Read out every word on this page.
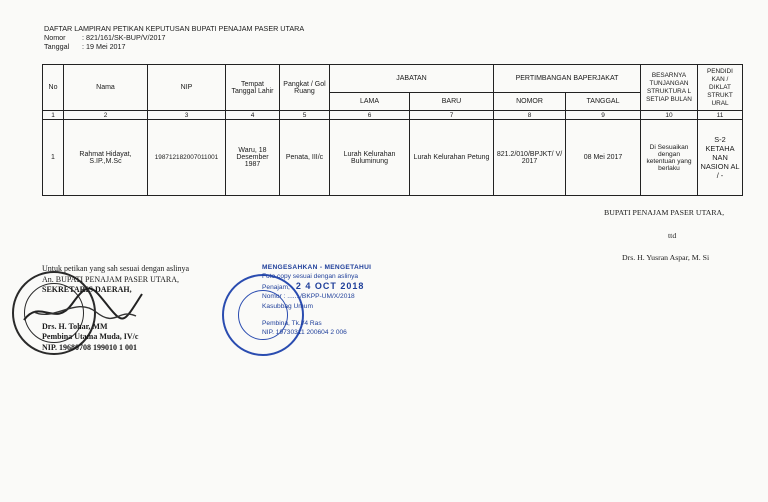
DAFTAR LAMPIRAN PETIKAN KEPUTUSAN BUPATI PENAJAM PASER UTARA
Nomor	: 821/161/SK-BUP/V/2017
Tanggal	: 19 Mei 2017
No	Nama	NIP	Tempat Tanggal Lahir	Pangkat / Gol Ruang	JABATAN		PERTIMBANGAN BAPERJAKAT		BESARNYA TUNJANGAN STRUKTURA L SETIAP BULAN	PENDIDI KAN / DIKLAT STRUKT URAL
					LAMA	BARU	NOMOR	TANGGAL		
1	2	3	4	5	6	7	8	9	10	11
1	Rahmat Hidayat, S.IP.,M.Sc	198712182007011001	Waru, 18 Desember 1987	Penata, III/c	Lurah Kelurahan Buluminung	Lurah Kelurahan Petung	821.2/010/BPJKT/ V/ 2017	08 Mei 2017	Di Sesuaikan dengan ketentuan yang berlaku	S-2 KETAHA NAN NASION AL / -
BUPATI PENAJAM PASER UTARA,
ttd
Drs. H. Yusran Aspar, M. Si
Untuk petikan yang sah sesuai dengan aslinya
An. BUPATI PENAJAM PASER UTARA,
SEKRETARIS DAERAH,
Drs. H. Tohar, MM
Pembina Utama Muda, IV/c
NIP. 19680708 199010 1 001
MENGESAHKAN - MENGETAHUI
Foto copy sesuai dengan aslinya
Penajam, 2 4 OCT 2018
Nomor : ...... /BKPP-UM/X/2018
Kasubbag Umum
Pembina, Tk.I/4 Ras
NIP. 19730311 200604 2 006
